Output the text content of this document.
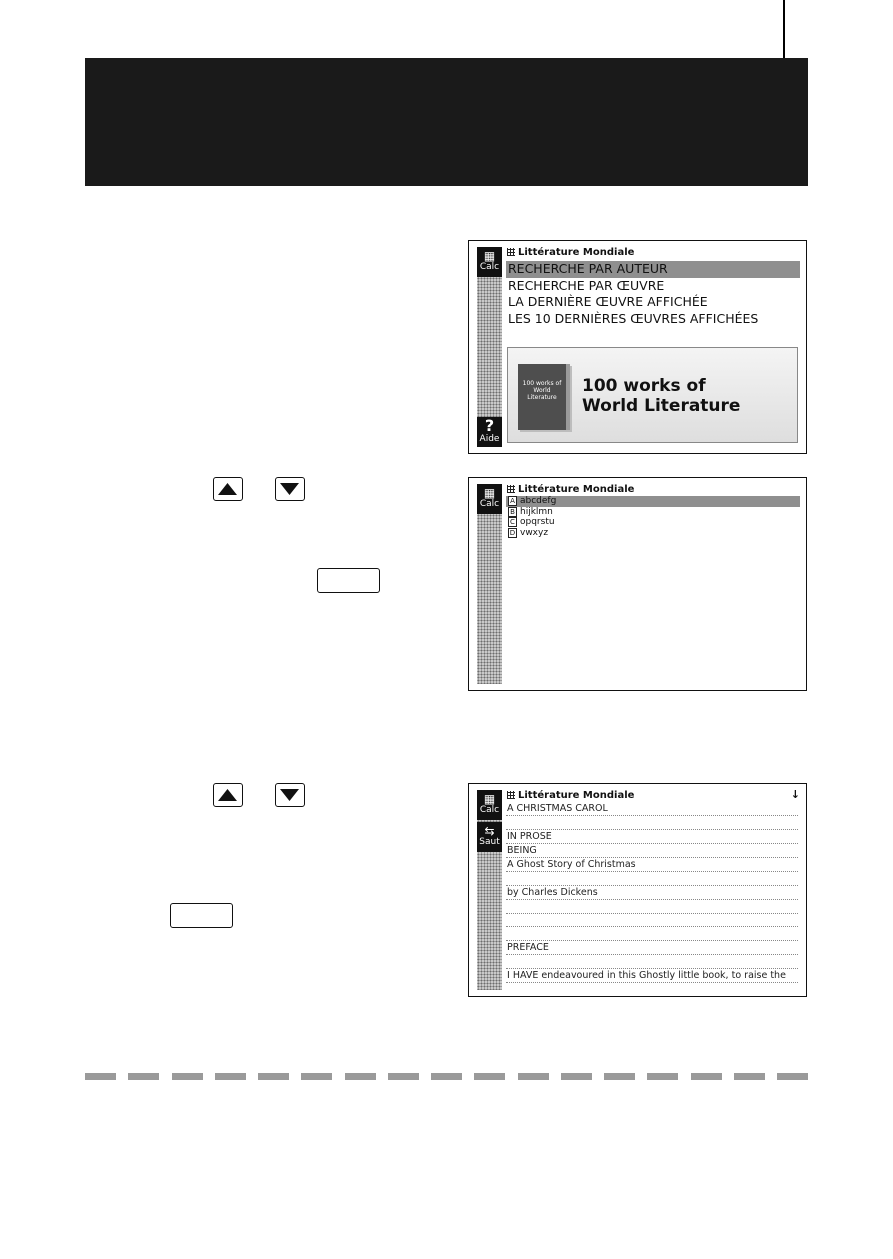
▦
Calc
?
Aide
Littérature Mondiale
RECHERCHE PAR AUTEUR
RECHERCHE PAR ŒUVRE
LA DERNIÈRE ŒUVRE AFFICHÉE
LES 10 DERNIÈRES ŒUVRES AFFICHÉES
100 works of World Literature
100 works of
World Literature
▦
Calc
Littérature Mondiale
A abcdefg
B hijklmn
C opqrstu
D vwxyz
▦
Calc
⇆
Saut
Littérature Mondiale	↓
A CHRISTMAS CAROL
IN PROSE
BEING
A Ghost Story of Christmas
by Charles Dickens
PREFACE
I HAVE endeavoured in this Ghostly little book, to raise the
